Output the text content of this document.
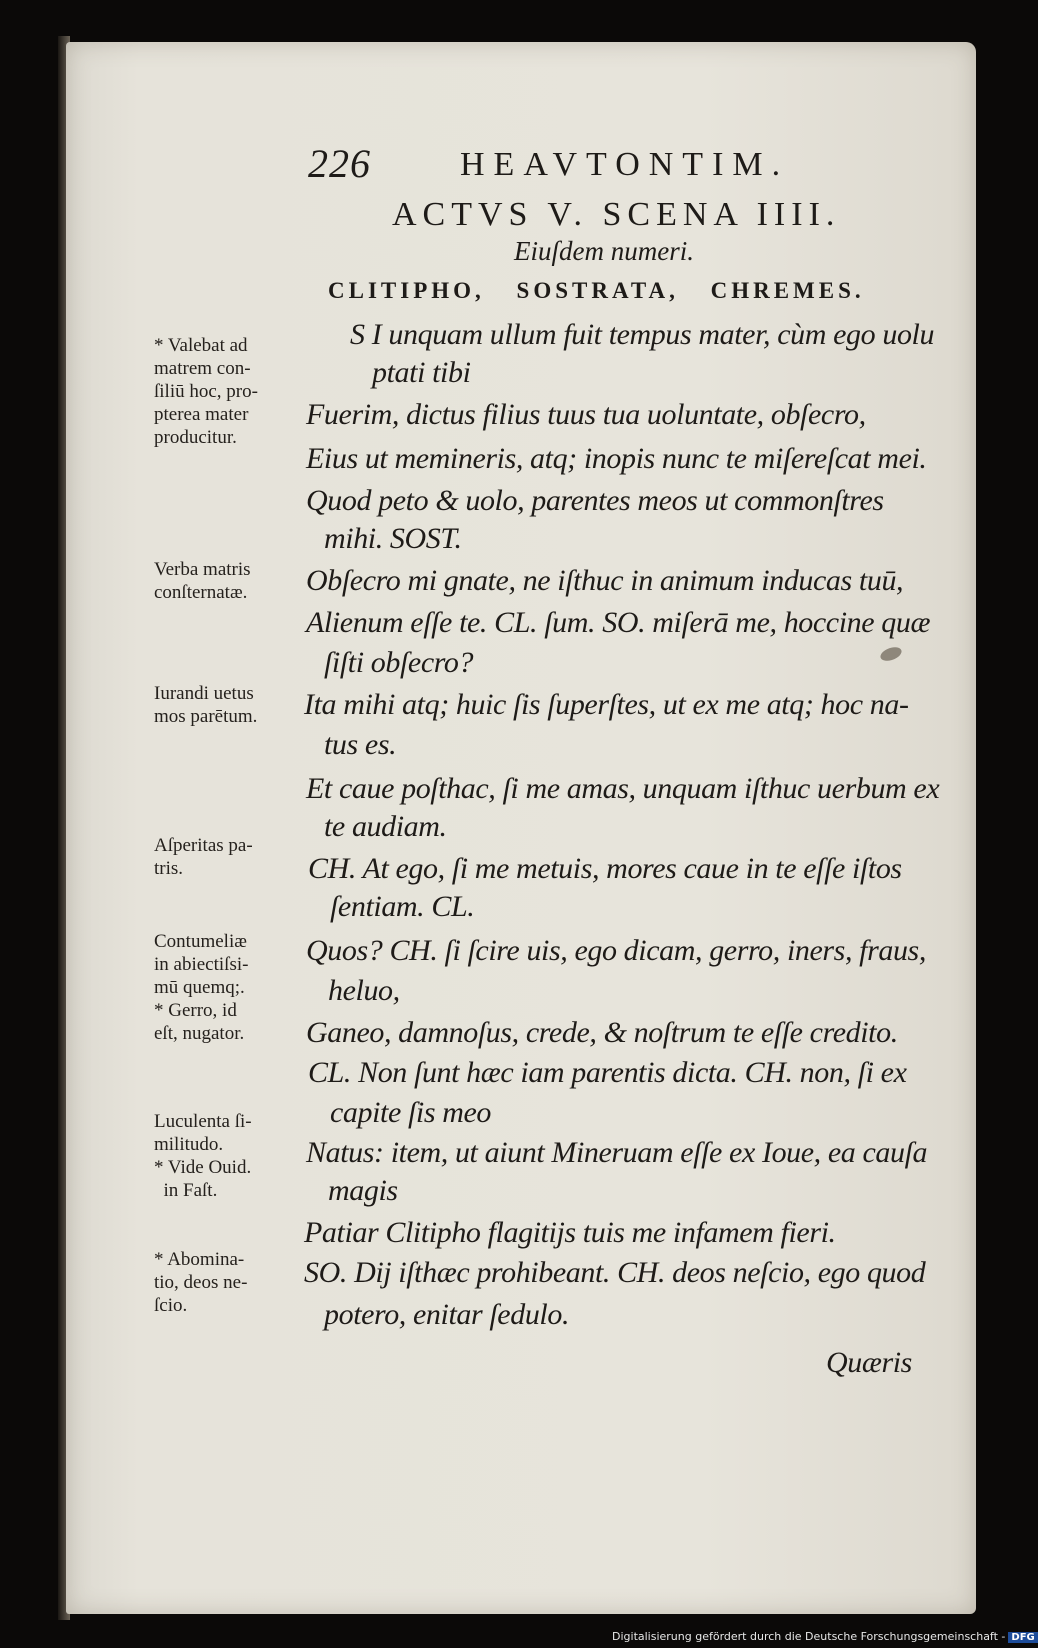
226	HEAVTONTIM.
ACTVS V. SCENA IIII.
Eiuſdem numeri.
CLITIPHO, SOSTRATA, CHREMES.
S I unquam ullum fuit tempus mater, cùm ego uolu
ptati tibi
Fuerim, dictus filius tuus tua uoluntate, obſecro,
Eius ut memineris, atq; inopis nunc te miſereſcat mei.
Quod peto & uolo, parentes meos ut commonſtres
mihi. SOST.
Obſecro mi gnate, ne iſthuc in animum inducas tuū,
Alienum eſſe te. CL. ſum. SO. miſerā me, hoccine quæ
ſiſti obſecro?
Ita mihi atq; huic ſis ſuperſtes, ut ex me atq; hoc na-
tus es.
Et caue poſthac, ſi me amas, unquam iſthuc uerbum ex
te audiam.
CH. At ego, ſi me metuis, mores caue in te eſſe iſtos
ſentiam. CL.
Quos? CH. ſi ſcire uis, ego dicam, gerro, iners, fraus,
heluo,
Ganeo, damnoſus, crede, & noſtrum te eſſe credito.
CL. Non ſunt hæc iam parentis dicta. CH. non, ſi ex
capite ſis meo
Natus: item, ut aiunt Mineruam eſſe ex Ioue, ea cauſa
magis
Patiar Clitipho flagitijs tuis me infamem fieri.
SO. Dij iſthæc prohibeant. CH. deos neſcio, ego quod
potero, enitar ſedulo.
* Valebat ad
matrem con-
ſiliū hoc, pro-
pterea mater
producitur.
Verba matris
conſternatæ.
Iurandi uetus
mos parētum.
Aſperitas pa-
tris.
Contumeliæ
in abiectiſsi-
mū quemq;.
* Gerro, id
eſt, nugator.
Luculenta ſi-
militudo.
* Vide Ouid.
in Faſt.
* Abomina-
tio, deos ne-
ſcio.
Quæris
Digitalisierung gefördert durch die Deutsche Forschungsgemeinschaft - DFG
